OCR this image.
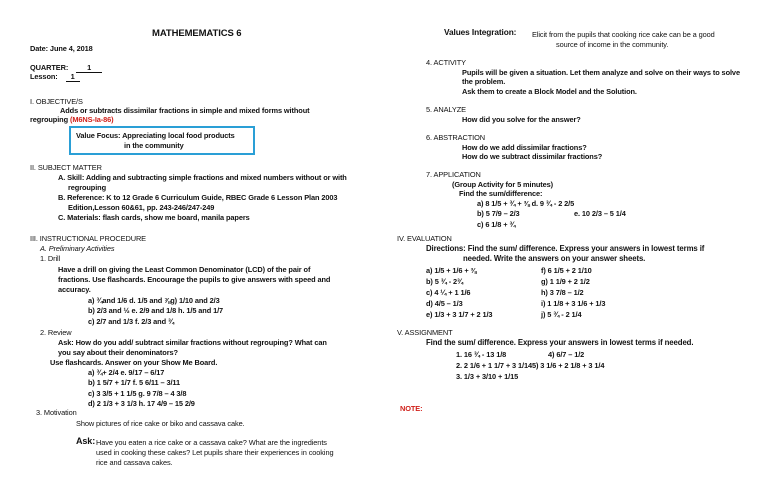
MATHEMEMATICS 6
Date: June 4, 2018
QUARTER:	1
Lesson: 1
I. OBJECTIVE/S
Adds or subtracts dissimilar fractions in simple and mixed forms without
regrouping (M6NS-Ia-86)
Value Focus: Appreciating local food products
in the community
II. SUBJECT MATTER
A. Skill: Adding and subtracting simple fractions and mixed numbers without or with
regrouping
B. Reference: K to 12 Grade 6 Curriculum Guide, RBEC Grade 6 Lesson Plan 2003
Edition,Lesson 60&61, pp. 243-246/247-249
C. Materials: flash cards, show me board, manila papers
III. INSTRUCTIONAL PROCEDURE
A. Preliminary Activities
1. Drill
Have a drill on giving the Least Common Denominator (LCD) of the pair of
fractions. Use flashcards. Encourage the pupils to give answers with speed and
accuracy.
a) ¾and 1/6 d. 1/5 and ⅞g) 1/10 and 2/3
b) 2/3 and ½ e. 2/9 and 1/8 h. 1/5 and 1/7
c) 2/7 and 1/3 f. 2/3 and ¾
2. Review
Ask: How do you add/ subtract similar fractions without regrouping? What can
you say about their denominators?
Use flashcards. Answer on your Show Me Board.
a) ¾+ 2/4 e. 9/17 – 6/17
b) 1 5/7 + 1/7 f. 5 6/11 – 3/11
c) 3 3/5 + 1 1/5 g. 9 7/8 – 4 3/8
d) 2 1/3 + 3 1/3 h. 17 4/9 – 15 2/9
3. Motivation
Show pictures of rice cake or biko and cassava cake.
Ask: Have you eaten a rice cake or a cassava cake? What are the ingredients
used in cooking these cakes? Let pupils share their experiences in cooking
rice and cassava cakes.
Values Integration: Elicit from the pupils that cooking rice cake can be a good
source of income in the community.
4. ACTIVITY
Pupils will be given a situation. Let them analyze and solve on their ways to solve
the problem.
Ask them to create a Block Model and the Solution.
5. ANALYZE
How did you solve for the answer?
6. ABSTRACTION
How do we add dissimilar fractions?
How do we subtract dissimilar fractions?
7. APPLICATION
(Group Activity for 5 minutes)
Find the sum/difference:
a) 8 1/5 + ¾ + ⅜ d. 9 ¾ - 2 2/5
b) 5 7/9 – 2/3	e. 10 2/3 – 5 1/4
c) 6 1/8 + ¾
IV. EVALUATION
Directions: Find the sum/ difference. Express your answers in lowest terms if
needed. Write the answers on your answer sheets.
a) 1/5 + 1/6 + ⅜
b) 5 ¾ - 2¾
c) 4 ¼ + 1 1/6
d) 4/5 – 1/3
e) 1/3 + 3 1/7 + 2 1/3
f) 6 1/5 + 2 1/10
g) 1 1/9 + 2 1/2
h) 3 7/8 – 1/2
i) 1 1/8 + 3 1/6 + 1/3
j) 5 ¾ - 2 1/4
V. ASSIGNMENT
Find the sum/ difference. Express your answers in lowest terms if needed.
1. 16 ¾ - 13 1/8	4) 6/7 – 1/2
2. 2 1/6 + 1 1/7 + 3 1/145) 3 1/6 + 2 1/8 + 3 1/4
3. 1/3 + 3/10 + 1/15
NOTE:
